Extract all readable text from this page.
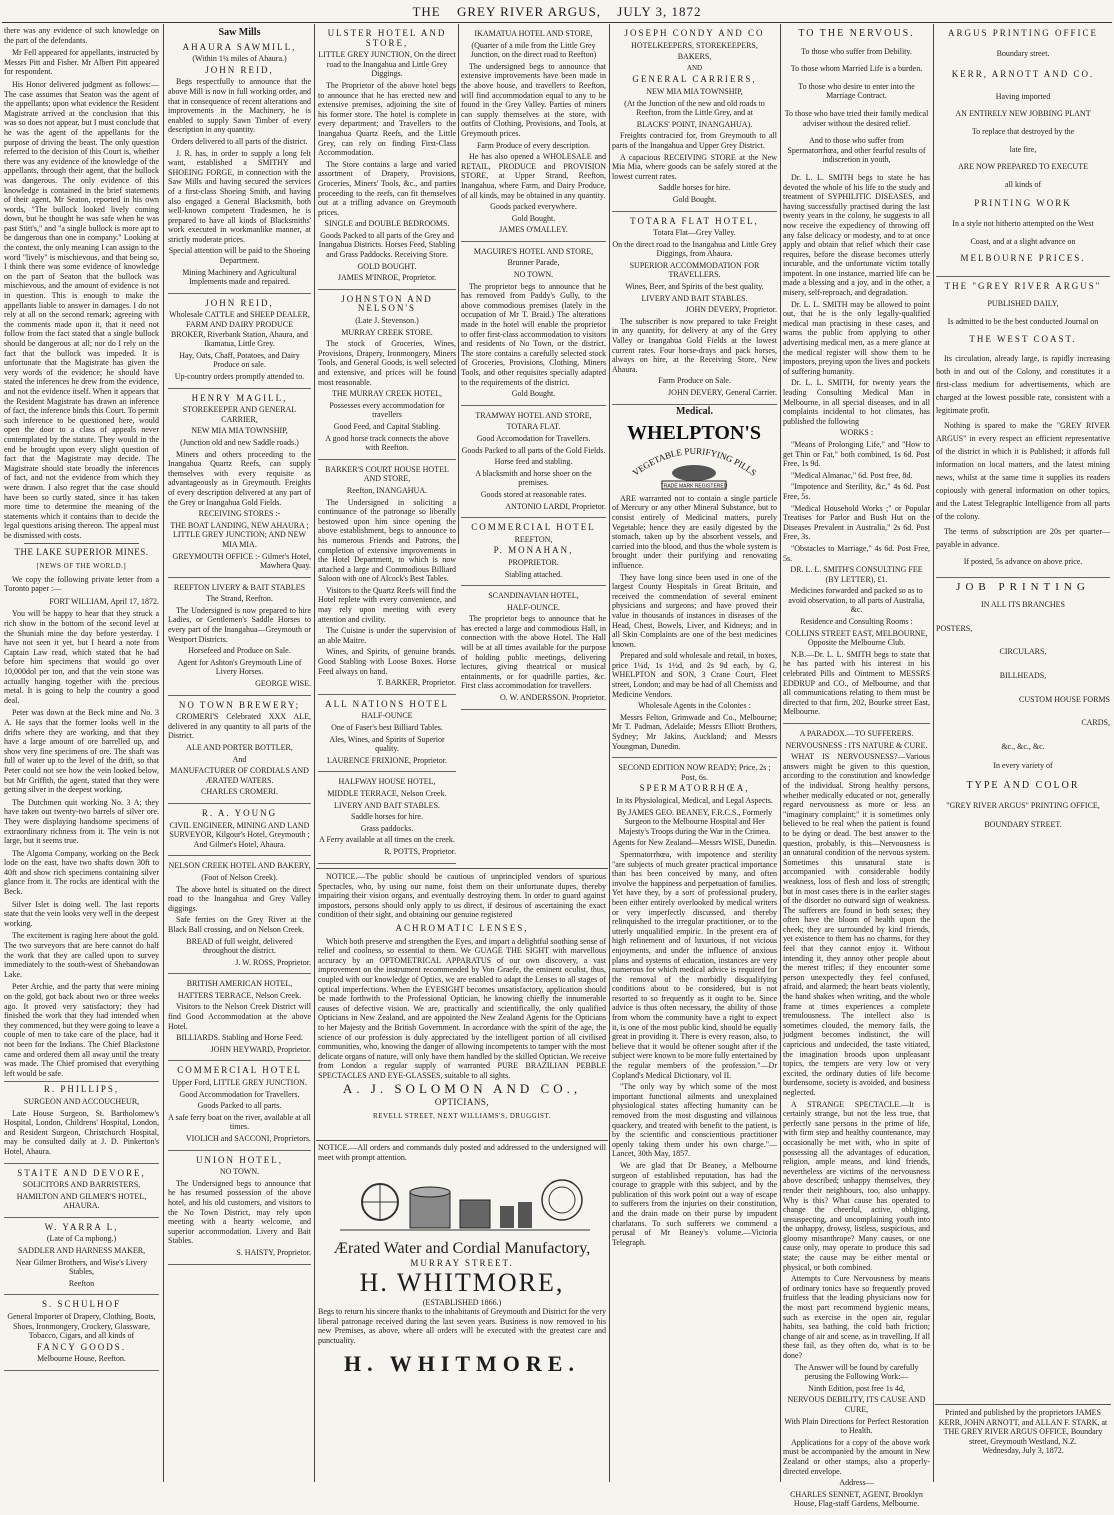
THE GREY RIVER ARGUS, JULY 3, 1872

there was any evidence of such knowledge on the part of the defendants.

Mr Fell appeared for appellants, instructed by Messrs Pitt and Fisher. Mr Albert Pitt appeared for respondent.

His Honor delivered judgment as follows:—The case assumes that Seaton was the agent of the appellants; upon what evidence the Resident Magistrate arrived at the conclusion that this was so does not appear, but I must conclude that he was the agent of the appellants for the purpose of driving the beast. The only question referred to the decision of this Court is, whether there was any evidence of the knowledge of the appellants, through their agent, that the bullock was dangerous. The only evidence of this knowledge is contained in the brief statements of their agent, Mr Seaton, reported in his own words, "The bullock looked lively coming down, but he thought he was safe when he was past Stitt's," and "a single bullock is more apt to be dangerous than one in company." Looking at the context, the only meaning I can assign to the word "lively" is mischievous, and that being so, I think there was some evidence of knowledge on the part of Seaton that the bullock was mischievous, and the amount of evidence is not in question. This is enough to make the appellants liable to answer in damages. I do not rely at all on the second remark; agreeing with the comments made upon it, that it need not follow from the fact stated that a single bullock should be dangerous at all; nor do I rely on the fact that the bullock was impeded. It is unfortunate that the Magistrate has given the very words of the evidence; he should have stated the inferences he drew from the evidence, and not the evidence itself. When it appears that the Resident Magistrate has drawn an inference of fact, the inference binds this Court. To permit such inference to be questioned here, would open the door to a class of appeals never contemplated by the statute. They would in the end be brought upon every slight question of fact that the Magistrate may decide. The Magistrate should state broadly the inferences of fact, and not the evidence from which they were drawn. I also regret that the case should have been so curtly stated, since it has taken more time to determine the meaning of the statements which it contains than to decide the legal questions arising thereon. The appeal must be dismissed with costs.

THE LAKE SUPERIOR MINES.

[NEWS OF THE WORLD.]

We copy the following private letter from a Toronto paper :—

FORT WILLIAM, April 17, 1872.

You will be happy to hear that they struck a rich show in the bottom of the second level at the Shuniah mine the day before yesterday. I have not seen it yet, but I heard a note from Captain Law read, which stated that he had before him specimens that would go over 10,000dol per ton, and that the vein stone was actually hanging together with the precious metal. It is going to help the country a good deal.

Peter was down at the Beck mine and No. 3 A. He says that the former looks well in the drifts where they are working, and that they have a large amount of ore barrelled up, and show very fine specimens of ore. The shaft was full of water up to the level of the drift, so that Peter could not see how the vein looked below, but Mr Griffith, the agent, stated that they were getting silver in the deepest working.

The Dutchmen quit working No. 3 A; they have taken out twenty-two barrels of silver ore. They were displaying handsome specimens of extraordinary richness from it. The vein is not large, but it seems true.

The Algoma Company, working on the Beck lode on the east, have two shafts down 30ft to 40ft and show rich specimens containing silver glance from it. The rocks are identical with the Beck.

Silver Islet is doing well. The last reports state that the vein looks very well in the deepest working.

The excitement is raging here about the gold. The two surveyors that are here cannot do half the work that they are called upon to survey immediately to the south-west of Shebandowan Lake.

Peter Archie, and the party that were mining on the gold, got back about two or three weeks ago. It proved very satisfactory; they had finished the work that they had intended when they commenced, but they were going to leave a couple of men to take care of the place, had it not been for the Indians. The Chief Blackstone came and ordered them all away until the treaty was made. The Chief promised that everything left would be safe.

R. PHILLIPS,

SURGEON AND ACCOUCHEUR,

Late House Surgeon, St. Bartholomew's Hospital, London, Childrens' Hospital, London, and Resident Surgeon, Christchurch Hospital, may be consulted daily at J. D. Pinkerton's Hotel, Ahaura.

STAITE AND DEVORE,

SOLICITORS AND BARRISTERS,

HAMILTON AND GILMER'S HOTEL, AHAURA.

W. YARRA L,

(Late of Ca mpbong.)

SADDLER AND HARNESS MAKER,

Near Gilmer Brothers, and Wise's Livery Stables,

Reefton

S. SCHULHOF

General Importer of Drapery, Clothing, Boots, Shoes, Ironmongery, Crockery, Glassware, Tobacco, Cigars, and all kinds of

FANCY GOODS.

Melbourne House, Reefton.

Saw Mills

AHAURA SAWMILL,

(Within 1¼ miles of Ahaura.)

JOHN REID,

Begs respectfully to announce that the above Mill is now in full working order, and that in consequence of recent alterations and improvements in the Machinery, he is enabled to supply Sawn Timber of every description in any quantity.

Orders delivered to all parts of the district.

J. R. has, in order to supply a long felt want, established a SMITHY and SHOEING FORGE, in connection with the Saw Mills and having secured the services of a first-class Shoeing Smith, and having also engaged a General Blacksmith, both well-known competent Tradesmen, he is prepared to have all kinds of Blacksmiths' work executed in workmanlike manner, at strictly moderate prices.

Special attention will be paid to the Shoeing Department.

Mining Machinery and Agricultural Implements made and repaired.

JOHN REID,

Wholesale CATTLE and SHEEP DEALER, FARM AND DAIRY PRODUCE BROKER, Riverbank Station, Ahaura, and Ikamatua, Little Grey.

Hay, Oats, Chaff, Potatoes, and Dairy Produce on sale.

Up-country orders promptly attended to.

HENRY MAGILL,

STOREKEEPER AND GENERAL CARRIER,

NEW MIA MIA TOWNSHIP,

(Junction old and new Saddle roads.)

Miners and others proceeding to the Inangahua Quartz Reefs, can supply themselves with every requisite as advantageously as in Greymouth. Freights of every description delivered at any part of the Grey or Inangahua Gold Fields.

RECEIVING STORES :-

THE BOAT LANDING, NEW AHAURA ; LITTLE GREY JUNCTION; AND NEW MIA MIA.

GREYMOUTH OFFICE :- Gilmer's Hotel, Mawhera Quay.

REEFTON LIVERY & BAIT STABLES

The Strand, Reefton.

The Undersigned is now prepared to hire Ladies, or Gentlemen's Saddle Horses to every part of the Inangahua—Greymouth or Westport Districts.

Horsefeed and Produce on Sale.

Agent for Ashton's Greymouth Line of Livery Horses.

GEORGE WISE.

NO TOWN BREWERY;

CROMERI'S Celebrated XXX ALE, delivered in any quantity to all parts of the District.

ALE AND PORTER BOTTLER,

And

MANUFACTURER OF CORDIALS AND ÆRATED WATERS.

CHARLES CROMERI.

R. A. YOUNG

CIVIL ENGINEER, MINING AND LAND SURVEYOR, Kilgour's Hotel, Greymouth ; And Gilmer's Hotel, Ahaura.

NELSON CREEK HOTEL AND BAKERY,

(Foot of Nelson Creek).

The above hotel is situated on the direct road to the Inangahua and Grey Valley diggings.

Safe ferries on the Grey River at the Black Ball crossing, and on Nelson Creek.

BREAD of full weight, delivered throughout the district.

J. W. ROSS, Proprietor.

BRITISH AMERICAN HOTEL,

HATTERS TERRACE, Nelson Creek.

Visitors to the Nelson Creek District will find Good Accommodation at the above Hotel.

BILLIARDS. Stabling and Horse Feed.

JOHN HEYWARD, Proprietor.

COMMERCIAL HOTEL

Upper Ford, LITTLE GREY JUNCTION.

Good Accommodation for Travellers.

Goods Packed to all parts.

A safe ferry boat on the river, available at all times.

VIOLICH and SACCONI, Proprietors.

UNION HOTEL,

NO TOWN.

The Undersigned begs to announce that he has resumed possession of the above hotel, and his old customers, and visitors to the No Town District, may rely upon meeting with a hearty welcome, and superior accommodation. Livery and Bait Stables.

S. HAISTY, Proprietor.

ULSTER HOTEL AND STORE,

LITTLE GREY JUNCTION, On the direct road to the Inangahua and Little Grey Diggings.

The Proprietor of the above hotel begs to announce that he has erected new and extensive premises, adjoining the site of his former store. The hotel is complete in every department; and Travellers to the Inangahua Quartz Reefs, and the Little Grey, can rely on finding First-Class Accommodation.

The Store contains a large and varied assortment of Drapery, Provisions, Groceries, Miners' Tools, &c., and parties proceeding to the reefs, can fit themselves out at a trifling advance on Greymouth prices.

SINGLE and DOUBLE BEDROOMS.

Goods Packed to all parts of the Grey and Inangahua Districts. Horses Feed, Stabling and Grass Paddocks. Receiving Store.

GOLD BOUGHT.

JAMES M'INROE, Proprietor.

JOHNSTON AND NELSON'S

(Late J. Stevenson.)

MURRAY CREEK STORE.

The stock of Groceries, Wines, Provisions, Drapery, Ironmongery, Miners Tools, and General Goods, is well selected and extensive, and prices will be found most reasonable.

THE MURRAY CREEK HOTEL,

Possesses every accommodation for travellers

Good Feed, and Capital Stabling.

A good horse track connects the above with Reefton.

BARKER'S COURT HOUSE HOTEL AND STORE,

Reefton, INANGAHUA.

The Undersigned in soliciting a continuance of the patronage so liberally bestowed upon him since opening the above establishment, begs to announce to his numerous Friends and Patrons, the completion of extensive improvements in the Hotel Department, to which is now attached a large and Commodious Billiard Saloon with one of Alcock's Best Tables.

Visitors to the Quartz Reefs will find the Hotel replete with every convenience, and may rely upon meeting with every attention and civility.

The Cuisine is under the supervision of an able Maitre.

Wines, and Spirits, of genuine brands. Good Stabling with Loose Boxes. Horse Feed always on hand.

T. BARKER, Proprietor.

ALL NATIONS HOTEL

HALF-OUNCE

One of Faser's best Billiard Tables.

Ales, Wines, and Spirits of Superior quality.

LAURENCE FRIXIONE, Proprietor.

HALFWAY HOUSE HOTEL,

MIDDLE TERRACE, Nelson Creek.

LIVERY AND BAIT STABLES.

Saddle horses for hire.

Grass paddocks.

A Ferry available at all times on the creek.

R. POTTS, Proprietor.

IKAMATUA HOTEL AND STORE,

(Quarter of a mile from the Little Grey Junction, on the direct road to Reefton)

The undersigned begs to announce that extensive improvements have been made in the above house, and travellers to Reefton, will find accommodation equal to any to be found in the Grey Valley. Parties of miners can supply themselves at the store, with outfits of Clothing, Provisions, and Tools, at Greymouth prices.

Farm Produce of every description.

He has also opened a WHOLESALE and RETAIL, PRODUCE and PROVISION STORE, at Upper Strand, Reefton, Inangahua, where Farm, and Dairy Produce, of all kinds, may be obtained in any quantity.

Goods packed everywhere.

Gold Bought.

JAMES O'MALLEY.

MAGUIRE'S HOTEL AND STORE,

Brunner Parade,

NO TOWN.

The proprietor begs to announce that he has removed from Paddy's Gully, to the above commodious premises (lately in the occupation of Mr T. Braid.) The alterations made in the hotel will enable the proprietor to offer first-class accommodation to visitors and residents of No Town, or the district. The store contains a carefully selected stock of Groceries, Provisions, Clothing, Miners Tools, and other requisites specially adapted to the requirements of the district.

Gold Bought.

TRAMWAY HOTEL AND STORE,

TOTARA FLAT.

Good Accomodation for Travellers.

Goods Packed to all parts of the Gold Fields.

Horse feed and stabling.

A blacksmith and horse shoer on the premises.

Goods stored at reasonable rates.

ANTONIO LARDI, Proprietor.

COMMERCIAL HOTEL

REEFTON,

P. MONAHAN,

PROPRIETOR.

Stabling attached.

SCANDINAVIAN HOTEL,

HALF-OUNCE.

The proprietor begs to announce that he has erected a large and commodious Hall, in connection with the above Hotel. The Hall will be at all times available for the purpose of holding public meetings, delivering lectures, giving theatrical or musical entainments, or for quadrille parties, &c. First class accommodation for travellers.

O. W. ANDERSSON. Proprietor.

NOTICE.—The public should be cautious of unprincipled vendors of spurious Spectacles, who, by using our name, foist them on their unfortunate dupes, thereby impairing their vision organs, and eventually destroying them. In order to guard against impostors, persons should only apply to us direct, if desirous of ascertaining the exact condition of their sight, and obtaining our genuine registered

ACHROMATIC LENSES,

Which both preserve and strengthen the Eyes, and impart a delightful soothing sense of relief and coolness, so essential to them. We GUAGE THE SIGHT with marvellous accuracy by an OPTOMETRICAL APPARATUS of our own discovery, a vast improvement on the instrument recommended by Von Graefe, the eminent oculist, thus, coupled with our knowledge of Optics, we are enabled to adapt the Lenses to all stages of optical imperfections. When the EYESIGHT becomes unsatisfactory, application should be made forthwith to the Professional Optician, he knowing chiefly the innumerable causes of defective vision. We are, practically and scientifically, the only qualified Opticians in New Zealand, and are appointed the New Zealand Agents for the Opticians to her Majesty and the British Government. In accordance with the spirit of the age, the science of our profession is duly appreciated by the intelligent portion of all civilised communities, who, knowing the danger of allowing incompetents to tamper with the most delicate organs of nature, will only have them handled by the skilled Optician. We receive from London a regular supply of warranted PURE BRAZILIAN PEBBLE SPECTACLES AND EYE-GLASSES, suitable to all sights.

A. J. SOLOMON AND CO.,

OPTICIANS,

REVELL STREET, NEXT WILLIAMS'S, DRUGGIST.

NOTICE.—All orders and commands duly posted and addressed to the undersigned will meet with prompt attention.

Ærated Water and Cordial Manufactory,
MURRAY STREET.
H. WHITMORE,
(ESTABLISHED 1866.)
Begs to return his sincere thanks to the inhabitants of Greymouth and District for the very liberal patronage received during the last seven years. Business is now removed to his new Premises, as above, where all orders will be executed with the greatest care and punctuality.
H. WHITMORE.

JOSEPH CONDY AND CO

HOTELKEEPERS, STOREKEEPERS,

BAKERS,

AND

GENERAL CARRIERS,

NEW MIA MIA TOWNSHIP,

(At the Junction of the new and old roads to Reefton, from the Little Grey, and at

BLACKS' POINT, INANGAHUA).

Freights contracted for, from Greymouth to all parts of the Inangahua and Upper Grey District.

A capacious RECEIVING STORE at the New Mia Mia, where goods can be safely stored at the lowest current rates.

Saddle horses for hire.

Gold Bought.

TOTARA FLAT HOTEL,

Totara Flat—Grey Valley.

On the direct road to the Inangahua and Little Grey Diggings, from Ahaura.

SUPERIOR ACCOMMODATION FOR TRAVELLERS.

Wines, Beer, and Spirits of the best quality.

LIVERY AND BAIT STABLES.

JOHN DEVERY, Proprietor.

The subscriber is now prepared to take Freight in any quantity, for delivery at any of the Grey Valley or Inangahua Gold Fields at the lowest current rates. Four horse-drays and pack horses, always on hire, at the Receiving Store, New Ahaura.

Farm Produce on Sale.

JOHN DEVERY, General Carrier.

Medical.

WHELPTON'S
VEGETABLE PURIFYING PILLS
TRADE MARK REGISTERED

ARE warranted not to contain a single particle of Mercury or any other Mineral Substance, but to consist entirely of Medicinal matters, purely Vegetable; hence they are easily digested by the stomach, taken up by the absorbent vessels, and carried into the blood, and thus the whole system is brought under their purifying and renovating influence.

They have long since been used in one of the largest County Hospitals in Great Britain, and received the commendation of several eminent physicians and surgeons; and have proved their value in thousands of instances in diseases of the Head, Chest, Bowels, Liver, and Kidneys; and in all Skin Complaints are one of the best medicines known.

Prepared and sold wholesale and retail, in boxes, price 1¼d, 1s 1½d, and 2s 9d each, by G. WHELPTON and SON, 3 Crane Court, Fleet street, London; and may be had of all Chemists and Medicine Vendors.

Wholesale Agents in the Colonies :

Messrs Felton, Grimwade and Co., Melbourne; Mr T. Padman, Adelaide; Messrs Elliott Brothers, Sydney; Mr Jakins, Auckland; and Messrs Youngman, Dunedin.

SECOND EDITION NOW READY; Price, 2s ; Post, 6s.

SPERMATORRHŒA,

In its Physiological, Medical, and Legal Aspects.

By JAMES GEO. BEANEY, F.R.C.S., Formerly Surgeon to the Melbourne Hospital and Her Majesty's Troops during the War in the Crimea.

Agents for New Zealand—Messrs WISE, Dunedin.

Spermatorrhœa, with impotence and sterility "are subjects of much greater practical importance than has been conceived by many, and often involve the happiness and perpetuation of families. Yet have they, by a sort of professional prudery, been either entirely overlooked by medical writers or very imperfectly discussed, and thereby relinquished to the irregular practitioner, or to the utterly unqualified empiric. In the present era of high refinement and of luxurious, if not vicious enjoyments, and under the influence of anxious plans and systems of education, instances are very numerous for which medical advice is required for the removal of the morbidly disqualifying conditions about to be considered, but is not resorted to so frequently as it ought to be. Since advice is thus often necessary, the ability of those from whom the community have a right to expect it, is one of the most public kind, should be equally great in providing it. There is every reason, also, to believe that it would be oftener sought after if the subject were known to be more fully entertained by the regular members of the profession."—Dr Copland's Medical Dictionary, vol II.

"The only way by which some of the most important functional ailments and unexplained physiological states affecting humanity can be removed from the most disgusting and villainous quackery, and treated with benefit to the patient, is by the scientific and conscientious practitioner openly taking them under his own charge."—Lancet, 30th May, 1857.

We are glad that Dr Beaney, a Melbourne surgeon of established reputation, has had the courage to grapple with this subject, and by the publication of this work point out a way of escape to sufferers from the injuries on their constitution, and the drain made on their purse by impudent charlatans. To such sufferers we commend a perusal of Mr Beaney's volume.—Victoria Telegraph.

TO THE NERVOUS.

To those who suffer from Debility.

To those whom Married Life is a burden.

To those who desire to enter into the Marriage Contract.

To those who have tried their family medical adviser without the desired relief.

And to those who suffer from Spermatorrhœa, and other fearful results of indiscretion in youth,

Dr. L. L. SMITH begs to state he has devoted the whole of his life to the study and treatment of SYPHILITIC DISEASES, and having successfully practised during the last twenty years in the colony, he suggests to all now receive the expediency of throwing off any false delicacy or modesty, and to at once apply and obtain that relief which their case requires, before the disease becomes utterly incurable, and the unfortunate victim totally impotent. In one instance, married life can be made a blessing and a joy, and in the other, a misery, self-reproach, and degradation.

Dr. L. L. SMITH may be allowed to point out, that he is the only legally-qualified medical man practising in these cases, and warns the public from applying to other advertising medical men, as a mere glance at the medical register will show them to be impostors, preying upon the lives and pockets of suffering humanity.

Dr. L. L. SMITH, for twenty years the leading Consulting Medical Man in Melbourne, in all special diseases, and in all complaints incidental to hot climates, has published the following

WORKS :

"Means of Prolonging Life," and "How to get Thin or Fat," both combined, 1s 6d. Post Free, 1s 9d.

"Medical Almanac," 6d. Post free, 8d.

"Impotence and Sterility, &c," 4s 6d. Post Free, 5s.

"Medical Household Works ;" or Popular Treatises for Parlor and Bush Hut on the Diseases Prevalent in Australia," 2s 6d. Post Free, 3s.

"Obstacles to Marriage," 4s 6d. Post Free, 5s.

DR. L. L. SMITH'S CONSULTING FEE (BY LETTER), £1.

Medicines forwarded and packed so as to avoid observation, to all parts of Australia, &c.

Residence and Consulting Rooms :

COLLINS STREET EAST, MELBOURNE, Opposite the Melbourne Club.

N.B.—Dr. L. L. SMITH begs to state that he has parted with his interest in his celebrated Pills and Ointment to MESSRS EDDRUP and CO., of Melbourne, and that all communications relating to them must be directed to that firm, 202, Bourke street East, Melbourne.

A PARADOX.—TO SUFFERERS.

NERVOUSNESS : ITS NATURE & CURE.

WHAT IS NERVOUSNESS?—Various answers might be given to this question, according to the constitution and knowledge of the individual. Strong healthy persons, whether medically educated or not, generally regard nervousness as more or less an "imaginary complaint;" it is sometimes only believed to be real when the patient is found to be dying or dead. The best answer to the question, probably, is this—Nervousness is an unnatural condition of the nervous system. Sometimes this unnatural state is accompanied with considerable bodily weakness, loss of flesh and loss of strength; but in most cases there is in the earlier stages of the disorder no outward sign of weakness. The sufferers are found in both sexes; they often have the bloom of health upon the cheek; they are surrounded by kind friends, yet existence to them has no charms, for they feel that they cannot enjoy it. Without intending it, they annoy other people about the merest trifles; if they encounter some person unexpectedly they feel confused, afraid, and alarmed; the heart beats violently, the hand shakes when writing, and the whole frame at times experiences a complete tremulousness. The intellect also is sometimes clouded, the memory fails, the judgment becomes indistinct, the will capricious and undecided, the taste vitiated, the imagination broods upon unpleasant topics, the tempers are very low or very excited, the ordinary duties of life become burdensome, society is avoided, and business neglected.

A STRANGE SPECTACLE.—It is certainly strange, but not the less true, that perfectly sane persons in the prime of life, with firm step and healthy countenance, may occasionally be met with, who in spite of possessing all the advantages of education, religion, ample means, and kind friends, nevertheless are victims of the nervousness above described; unhappy themselves, they render their neighbours, too, also unhappy. Why is this? What cause has operated to change the cheerful, active, obliging, unsuspecting, and uncomplaining youth into the unhappy, drowsy, listless, suspicious, and gloomy misanthrope? Many causes, or one cause only, may operate to produce this sad state; the cause may be either mental or physical, or both combined.

Attempts to Cure Nervousness by means of ordinary tonics have so frequently proved fruitless that the leading physicians now for the most part recommend hygienic means, such as exercise in the open air, regular habits, sea bathing, the cold bath friction; change of air and scene, as in travelling. If all these fail, as they often do, what is to be done?

The Answer will be found by carefully perusing the Following Work:—

Ninth Edition, post free 1s 4d,

NERVOUS DEBILITY, ITS CAUSE AND CURE,

With Plain Directions for Perfect Restoration to Health.

Applications for a copy of the above work must be accompanied by the amount in New Zealand or other stamps, also a properly-directed envelope.

Address—

CHARLES SENNET, AGENT, Brooklyn House, Flag-staff Gardens, Melbourne.

ARGUS PRINTING OFFICE

Boundary street.

KERR, ARNOTT AND CO.

Having imported

AN ENTIRELY NEW JOBBING PLANT

To replace that destroyed by the

late fire,

ARE NOW PREPARED TO EXECUTE

all kinds of

PRINTING WORK

In a style not hitherto attempted on the West

Coast, and at a slight advance on

MELBOURNE PRICES.

THE "GREY RIVER ARGUS"

PUBLISHED DAILY,

Is admitted to be the best conducted Journal on

THE WEST COAST.

Its circulation, already large, is rapidly increasing both in and out of the Colony, and constitutes it a first-class medium for advertisements, which are charged at the lowest possible rate, consistent with a legitimate profit.

Nothing is spared to make the "GREY RIVER ARGUS" in every respect an efficient representative of the district in which it is Published; it affords full information on local matters, and the latest mining news, whilst at the same time it supplies its readers copiously with general information on other topics, and the Latest Telegraphic Intelligence from all parts of the colony.

The terms of subscription are 20s per quarter—payable in advance.

If posted, 5s advance on above price.

JOB PRINTING

IN ALL ITS BRANCHES

POSTERS,

CIRCULARS,

BILLHEADS,

CUSTOM HOUSE FORMS

CARDS,

&c., &c., &c.

In every variety of

TYPE AND COLOR

"GREY RIVER ARGUS" PRINTING OFFICE,

BOUNDARY STREET.

Printed and published by the proprietors JAMES KERR, JOHN ARNOTT, and ALLAN F. STARK, at THE GREY RIVER ARGUS OFFICE, Boundary street, Greymouth Westland, N.Z.
Wednesday, July 3, 1872.
